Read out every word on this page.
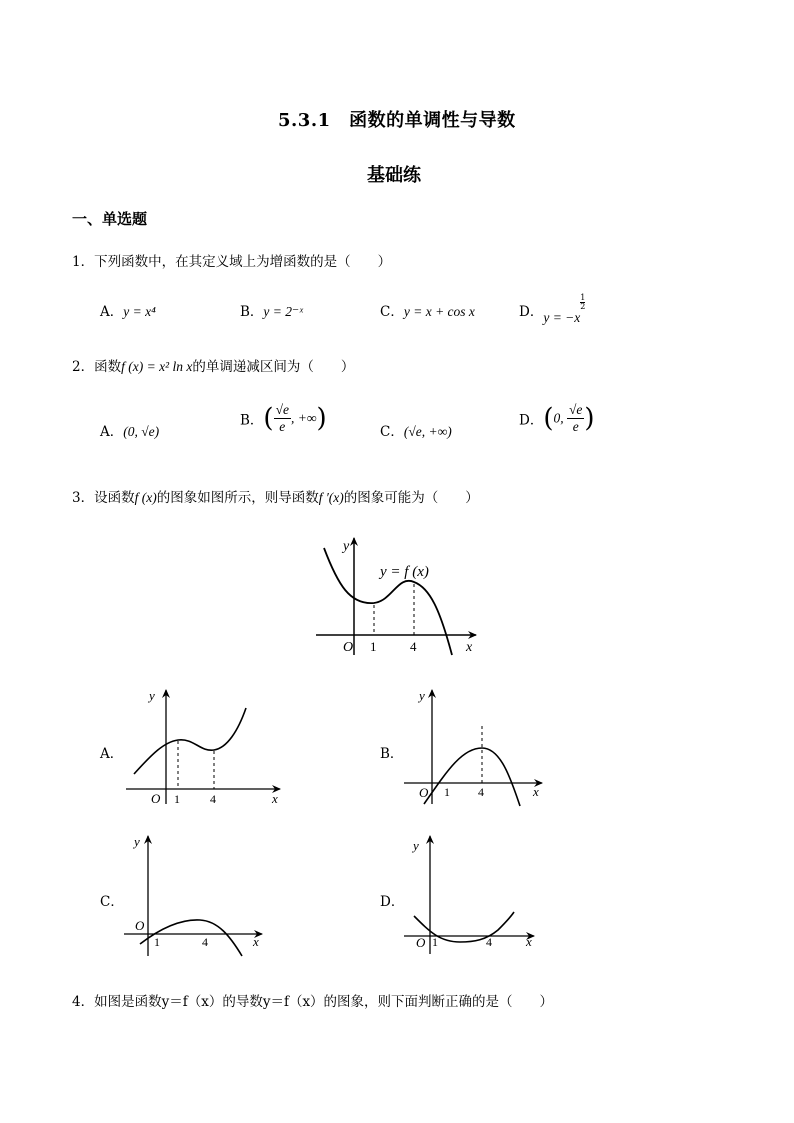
5.3.1　函数的单调性与导数
基础练
一、单选题
1．下列函数中，在其定义域上为增函数的是（　　）
A．y = x⁴	B．y = 2⁻ˣ	C．y = x + cos x	D．y = −x
$\frac{1}{2}$
2．函数f (x) = x² ln x的单调递减区间为（　　）
A．(0, √e)
B．( $\frac{√e}{e}$ , +∞)	C．(√e, +∞)
D．(0, $\frac{√e}{e}$ )
3．设函数f (x)的图象如图所示，则导函数f ′(x)的图象可能为（　　）
y
x
O 1	4
y = f (x)
A．
y
x
O 1	4
B．
y
x
O 1 4
C．
y
x
O
1	4
D．
y
x
O 1	4
4．如图是函数y＝f（x）的导数y＝f（x）的图象，则下面判断正确的是（　　）
